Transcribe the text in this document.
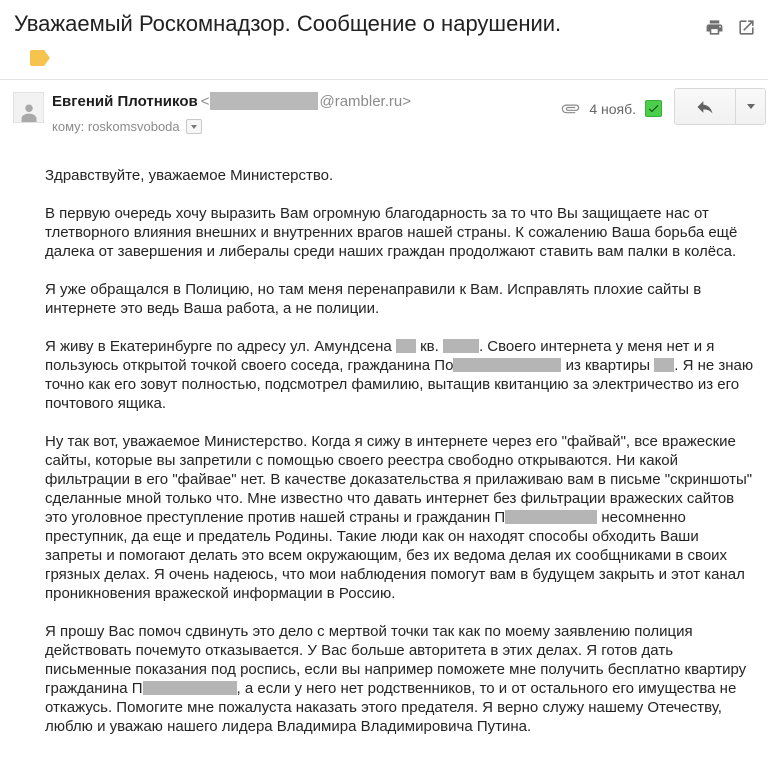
Уважаемый Роскомнадзор. Сообщение о нарушении.
Евгений Плотников <	@rambler.ru>
кому: roskomsvoboda
4 нояб.

Здравствуйте, уважаемое Министерство.

В первую очередь хочу выразить Вам огромную благодарность за то что Вы защищаете нас от тлетворного влияния внешних и внутренних врагов нашей страны. К сожалению Ваша борьба ещё далека от завершения и либералы среди наших граждан продолжают ставить вам палки в колёса.

Я уже обращался в Полицию, но там меня перенаправили к Вам. Исправлять плохие сайты в интернете это ведь Ваша работа, а не полиции.

Я живу в Екатеринбурге по адресу ул. Амундсена  кв. . Своего интернета у меня нет и я пользуюсь открытой точкой своего соседа, гражданина По	из квартиры . Я не знаю точно как его зовут полностью, подсмотрел фамилию, вытащив квитанцию за электричество из его почтового ящика.

Ну так вот, уважаемое Министерство. Когда я сижу в интернете через его "файвай", все вражеские сайты, которые вы запретили с помощью своего реестра свободно открываются. Ни какой фильтрации в его "файвае" нет. В качестве доказательства я прилаживаю вам в письме "скриншоты" сделанные мной только что. Мне известно что давать интернет без фильтрации вражеских сайтов это уголовное преступление против нашей страны и гражданин П	несомненно преступник, да еще и предатель Родины. Такие люди как он находят способы обходить Ваши запреты и помогают делать это всем окружающим, без их ведома делая их сообщниками в своих грязных делах. Я очень надеюсь, что мои наблюдения помогут вам в будущем закрыть и этот канал проникновения вражеской информации в Россию.

Я прошу Вас помоч сдвинуть это дело с мертвой точки так как по моему заявлению полиция действовать почемуто отказывается. У Вас больше авторитета в этих делах. Я готов дать письменные показания под роспись, если вы например поможете мне получить бесплатно квартиру гражданина П	, а если у него нет родственников, то и от остального его имущества не откажусь. Помогите мне пожалуста наказать этого предателя. Я верно служу нашему Отечеству, люблю и уважаю нашего лидера Владимира Владимировича Путина.
